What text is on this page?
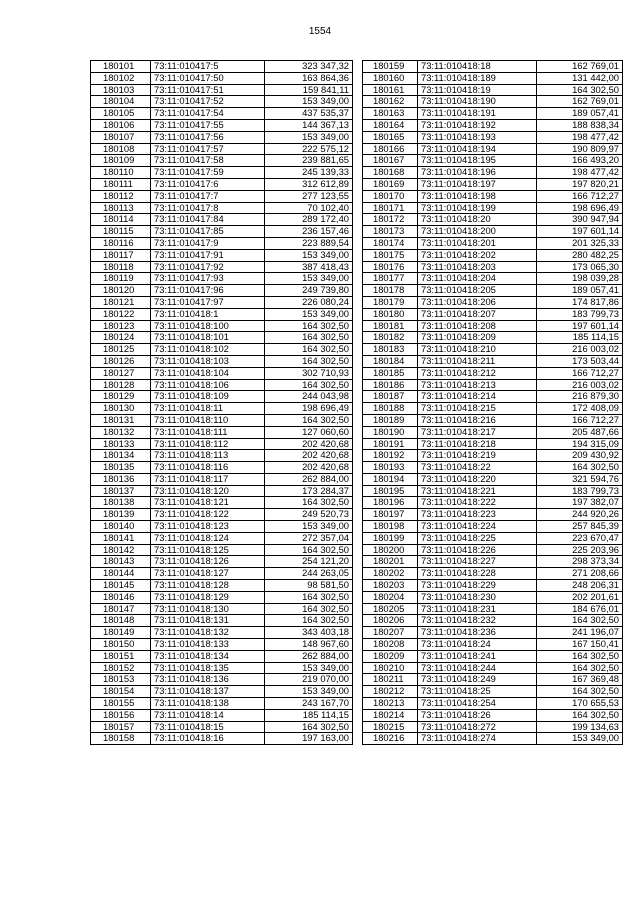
1554
180101	73:11:010417:5	323 347,32
180102	73:11:010417:50	163 864,36
180103	73:11:010417:51	159 841,11
180104	73:11:010417:52	153 349,00
180105	73:11:010417:54	437 535,37
180106	73:11:010417:55	144 367,13
180107	73:11:010417:56	153 349,00
180108	73:11:010417:57	222 575,12
180109	73:11:010417:58	239 881,65
180110	73:11:010417:59	245 139,33
180111	73:11:010417:6	312 612,89
180112	73:11:010417:7	277 123,55
180113	73:11:010417:8	70 102,40
180114	73:11:010417:84	289 172,40
180115	73:11:010417:85	236 157,46
180116	73:11:010417:9	223 889,54
180117	73:11:010417:91	153 349,00
180118	73:11:010417:92	387 418,43
180119	73:11:010417:93	153 349,00
180120	73:11:010417:96	249 739,80
180121	73:11:010417:97	226 080,24
180122	73:11:010418:1	153 349,00
180123	73:11:010418:100	164 302,50
180124	73:11:010418:101	164 302,50
180125	73:11:010418:102	164 302,50
180126	73:11:010418:103	164 302,50
180127	73:11:010418:104	302 710,93
180128	73:11:010418:106	164 302,50
180129	73:11:010418:109	244 043,98
180130	73:11:010418:11	198 696,49
180131	73:11:010418:110	164 302,50
180132	73:11:010418:111	127 060,60
180133	73:11:010418:112	202 420,68
180134	73:11:010418:113	202 420,68
180135	73:11:010418:116	202 420,68
180136	73:11:010418:117	262 884,00
180137	73:11:010418:120	173 284,37
180138	73:11:010418:121	164 302,50
180139	73:11:010418:122	249 520,73
180140	73:11:010418:123	153 349,00
180141	73:11:010418:124	272 357,04
180142	73:11:010418:125	164 302,50
180143	73:11:010418:126	254 121,20
180144	73:11:010418:127	244 263,05
180145	73:11:010418:128	98 581,50
180146	73:11:010418:129	164 302,50
180147	73:11:010418:130	164 302,50
180148	73:11:010418:131	164 302,50
180149	73:11:010418:132	343 403,18
180150	73:11:010418:133	148 967,60
180151	73:11:010418:134	262 884,00
180152	73:11:010418:135	153 349,00
180153	73:11:010418:136	219 070,00
180154	73:11:010418:137	153 349,00
180155	73:11:010418:138	243 167,70
180156	73:11:010418:14	185 114,15
180157	73:11:010418:15	164 302,50
180158	73:11:010418:16	197 163,00
180159	73:11:010418:18	162 769,01
180160	73:11:010418:189	131 442,00
180161	73:11:010418:19	164 302,50
180162	73:11:010418:190	162 769,01
180163	73:11:010418:191	189 057,41
180164	73:11:010418:192	188 838,34
180165	73:11:010418:193	198 477,42
180166	73:11:010418:194	190 809,97
180167	73:11:010418:195	166 493,20
180168	73:11:010418:196	198 477,42
180169	73:11:010418:197	197 820,21
180170	73:11:010418:198	166 712,27
180171	73:11:010418:199	198 696,49
180172	73:11:010418:20	390 947,94
180173	73:11:010418:200	197 601,14
180174	73:11:010418:201	201 325,33
180175	73:11:010418:202	280 482,25
180176	73:11:010418:203	173 065,30
180177	73:11:010418:204	198 039,28
180178	73:11:010418:205	189 057,41
180179	73:11:010418:206	174 817,86
180180	73:11:010418:207	183 799,73
180181	73:11:010418:208	197 601,14
180182	73:11:010418:209	185 114,15
180183	73:11:010418:210	216 003,02
180184	73:11:010418:211	173 503,44
180185	73:11:010418:212	166 712,27
180186	73:11:010418:213	216 003,02
180187	73:11:010418:214	216 879,30
180188	73:11:010418:215	172 408,09
180189	73:11:010418:216	166 712,27
180190	73:11:010418:217	205 487,66
180191	73:11:010418:218	194 315,09
180192	73:11:010418:219	209 430,92
180193	73:11:010418:22	164 302,50
180194	73:11:010418:220	321 594,76
180195	73:11:010418:221	183 799,73
180196	73:11:010418:222	197 382,07
180197	73:11:010418:223	244 920,26
180198	73:11:010418:224	257 845,39
180199	73:11:010418:225	223 670,47
180200	73:11:010418:226	225 203,96
180201	73:11:010418:227	298 373,34
180202	73:11:010418:228	271 208,66
180203	73:11:010418:229	248 206,31
180204	73:11:010418:230	202 201,61
180205	73:11:010418:231	184 676,01
180206	73:11:010418:232	164 302,50
180207	73:11:010418:236	241 196,07
180208	73:11:010418:24	167 150,41
180209	73:11:010418:241	164 302,50
180210	73:11:010418:244	164 302,50
180211	73:11:010418:249	167 369,48
180212	73:11:010418:25	164 302,50
180213	73:11:010418:254	170 655,53
180214	73:11:010418:26	164 302,50
180215	73:11:010418:272	199 134,63
180216	73:11:010418:274	153 349,00
